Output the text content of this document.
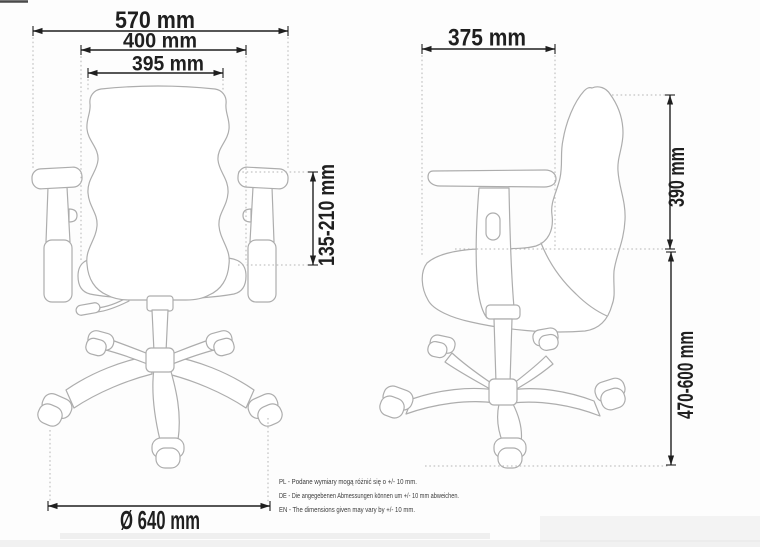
570 mm
400 mm
395 mm
135-210 mm
Ø 640 mm
375 mm
390 mm
470-600 mm
PL - Podane wymiary mogą różnić się o +/- 10 mm.
DE - Die angegebenen Abmessungen können um +/- 10 mm abweichen.
EN - The dimensions given may vary by +/- 10 mm.
